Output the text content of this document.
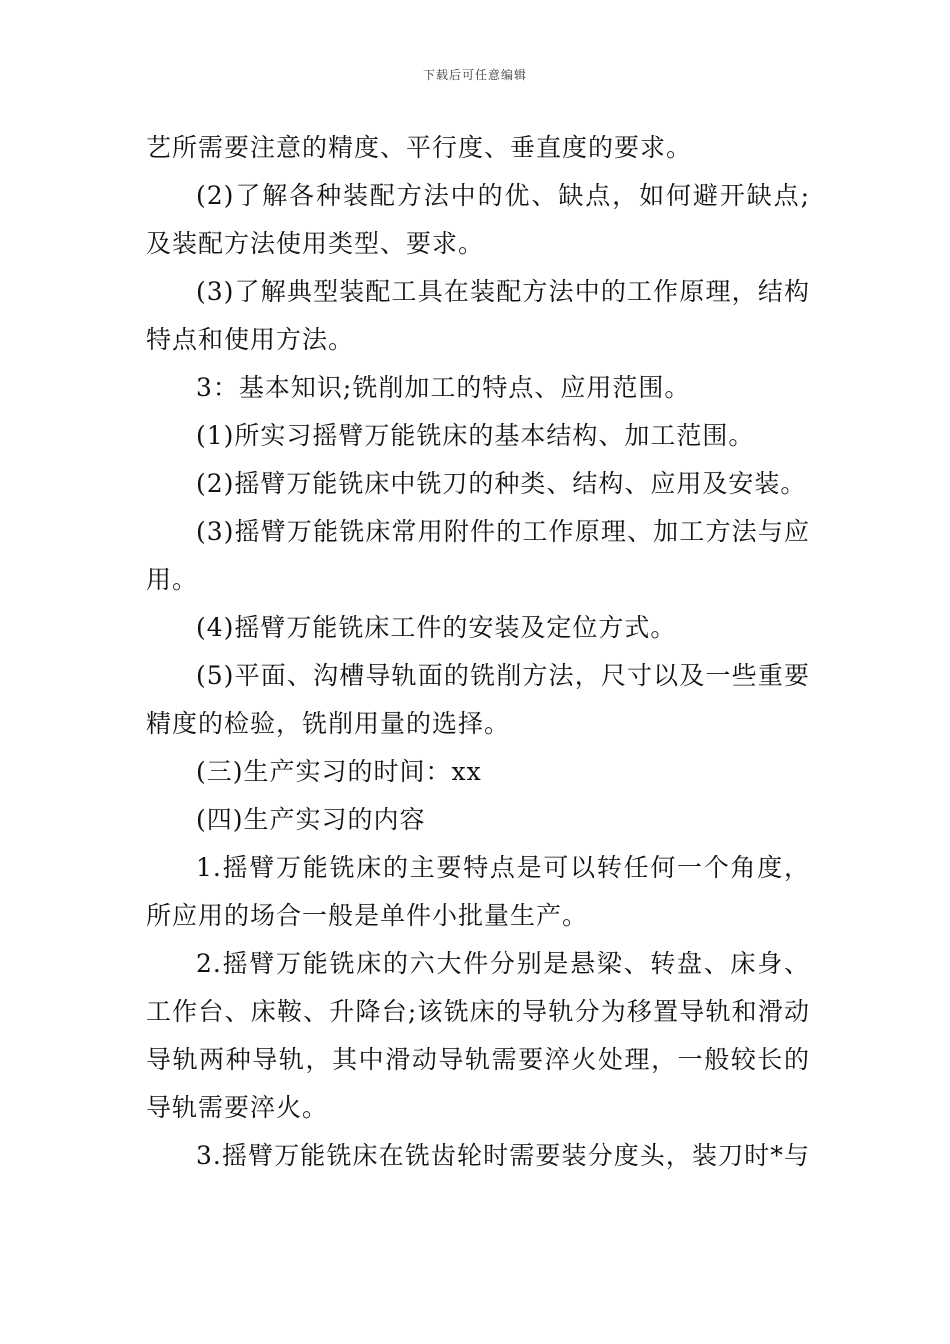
下载后可任意编辑
艺所需要注意的精度、平行度、垂直度的要求。
(2)了解各种装配方法中的优、缺点，如何避开缺点;
及装配方法使用类型、要求。
(3)了解典型装配工具在装配方法中的工作原理，结构
特点和使用方法。
3：基本知识;铣削加工的特点、应用范围。
(1)所实习摇臂万能铣床的基本结构、加工范围。
(2)摇臂万能铣床中铣刀的种类、结构、应用及安装。
(3)摇臂万能铣床常用附件的工作原理、加工方法与应
用。
(4)摇臂万能铣床工件的安装及定位方式。
(5)平面、沟槽导轨面的铣削方法，尺寸以及一些重要
精度的检验，铣削用量的选择。
(三)生产实习的时间：xx
(四)生产实习的内容
1.摇臂万能铣床的主要特点是可以转任何一个角度，
所应用的场合一般是单件小批量生产。
2.摇臂万能铣床的六大件分别是悬梁、转盘、床身、
工作台、床鞍、升降台;该铣床的导轨分为移置导轨和滑动
导轨两种导轨，其中滑动导轨需要淬火处理，一般较长的
导轨需要淬火。
3.摇臂万能铣床在铣齿轮时需要装分度头，装刀时*与
